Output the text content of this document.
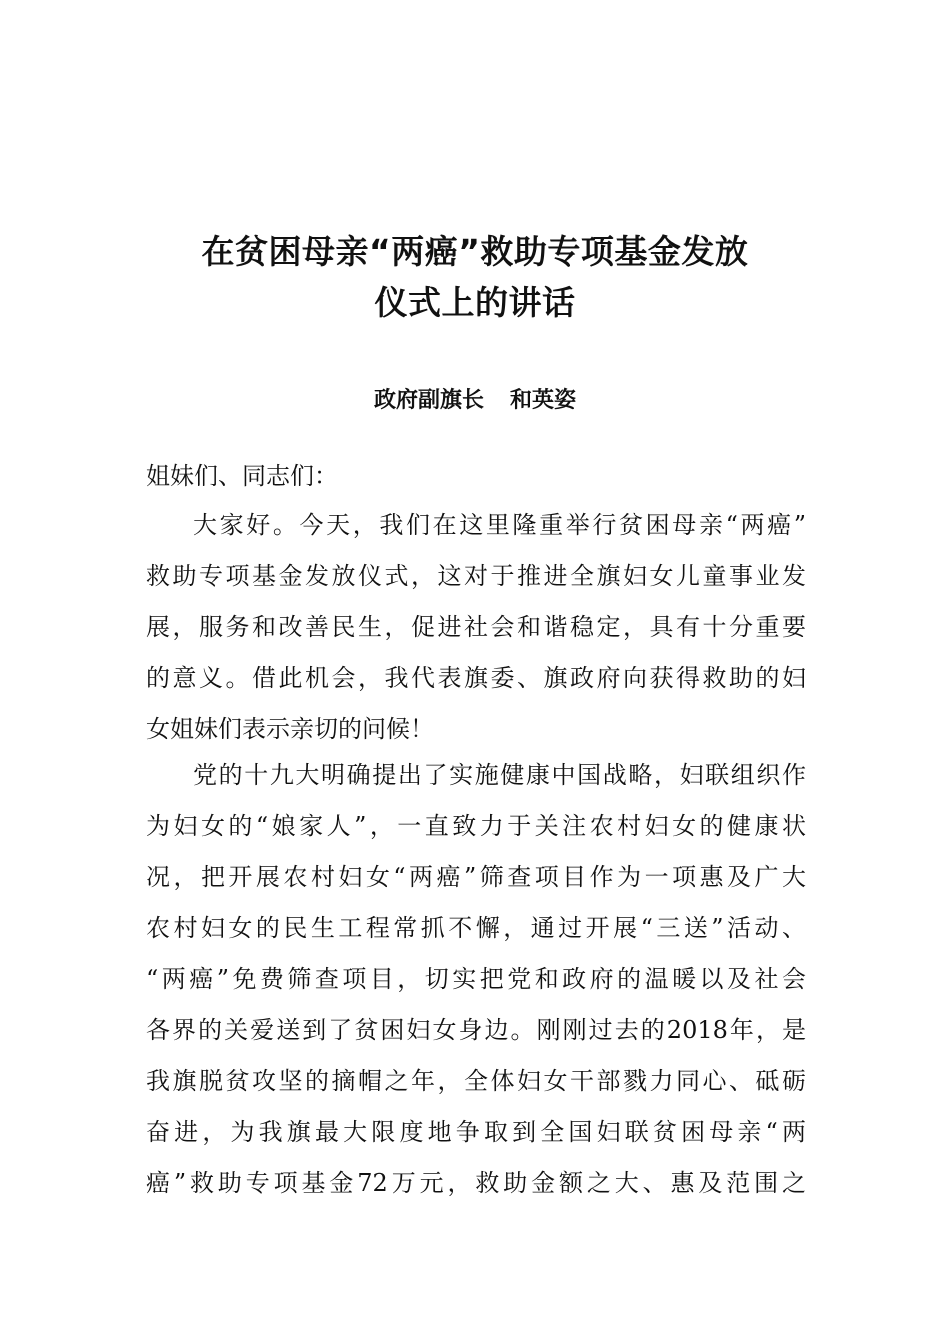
在贫困母亲“两癌”救助专项基金发放
仪式上的讲话
政府副旗长 和英姿
姐妹们、同志们：
大家好。今天，我们在这里隆重举行贫困母亲“两癌”
救助专项基金发放仪式，这对于推进全旗妇女儿童事业发
展，服务和改善民生，促进社会和谐稳定，具有十分重要
的意义。借此机会，我代表旗委、旗政府向获得救助的妇
女姐妹们表示亲切的问候！
党的十九大明确提出了实施健康中国战略，妇联组织作
为妇女的“娘家人”，一直致力于关注农村妇女的健康状
况，把开展农村妇女“两癌”筛查项目作为一项惠及广大
农村妇女的民生工程常抓不懈，通过开展“三送”活动、
“两癌”免费筛查项目，切实把党和政府的温暖以及社会
各界的关爱送到了贫困妇女身边。刚刚过去的2018年，是
我旗脱贫攻坚的摘帽之年，全体妇女干部戮力同心、砥砺
奋进，为我旗最大限度地争取到全国妇联贫困母亲“两
癌”救助专项基金72万元，救助金额之大、惠及范围之
